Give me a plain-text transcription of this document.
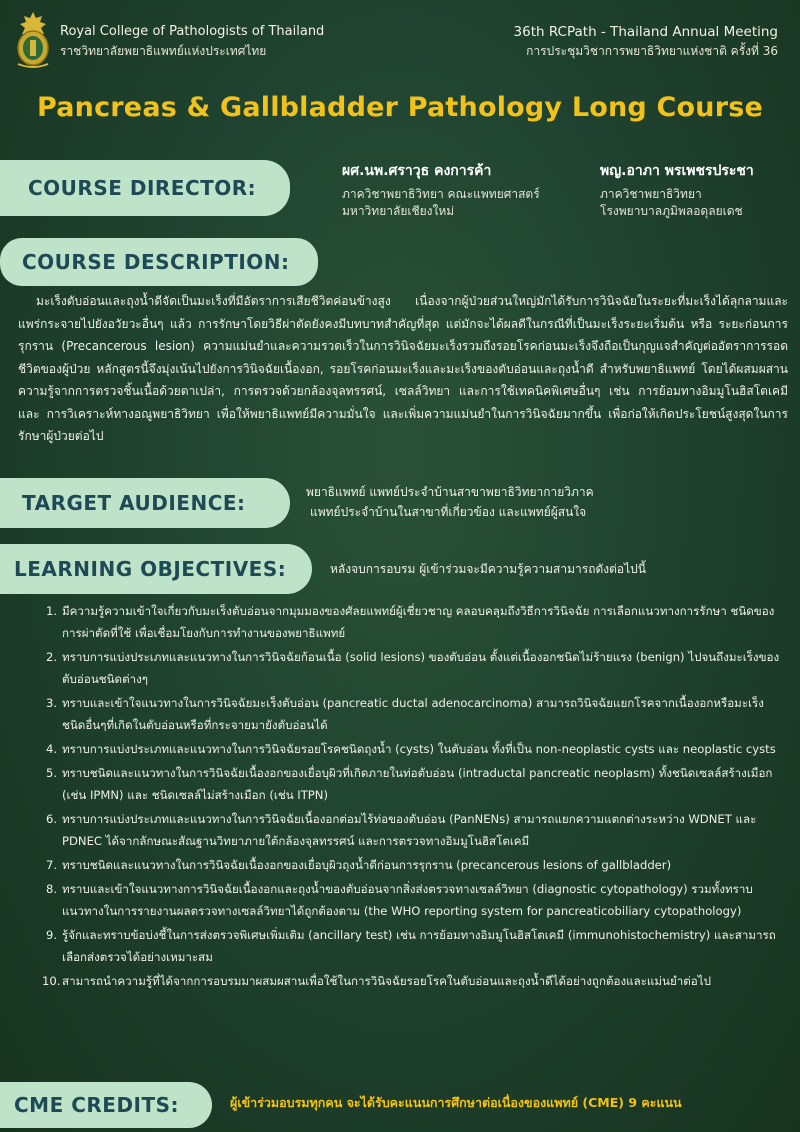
Royal College of Pathologists of Thailand
ราชวิทยาลัยพยาธิแพทย์แห่งประเทศไทย
36th RCPath - Thailand Annual Meeting
การประชุมวิชาการพยาธิวิทยาแห่งชาติ ครั้งที่ 36
Pancreas & Gallbladder Pathology Long Course
COURSE DIRECTOR:
ผศ.นพ.ศราวุธ คงการค้า
ภาควิชาพยาธิวิทยา คณะแพทยศาสตร์
มหาวิทยาลัยเชียงใหม่
พญ.อาภา พรเพชรประชา
ภาควิชาพยาธิวิทยา
โรงพยาบาลภูมิพลอดุลยเดช
COURSE DESCRIPTION:
มะเร็งตับอ่อนและถุงน้ำดีจัดเป็นมะเร็งที่มีอัตราการเสียชีวิตค่อนข้างสูง เนื่องจากผู้ป่วยส่วนใหญ่มักได้รับการวินิจฉัยในระยะที่มะเร็งได้ลุกลามและแพร่กระจายไปยังอวัยวะอื่นๆ แล้ว การรักษาโดยวิธีผ่าตัดยังคงมีบทบาทสำคัญที่สุด แต่มักจะได้ผลดีในกรณีที่เป็นมะเร็งระยะเริ่มต้น หรือ ระยะก่อนการรุกราน (Precancerous lesion) ความแม่นยำและความรวดเร็วในการวินิจฉัยมะเร็งรวมถึงรอยโรคก่อนมะเร็งจึงถือเป็นกุญแจสำคัญต่ออัตราการรอดชีวิตของผู้ป่วย หลักสูตรนี้จึงมุ่งเน้นไปยังการวินิจฉัยเนื้องอก, รอยโรคก่อนมะเร็งและมะเร็งของตับอ่อนและถุงน้ำดี สำหรับพยาธิแพทย์ โดยได้ผสมผสานความรู้จากการตรวจชิ้นเนื้อด้วยตาเปล่า, การตรวจด้วยกล้องจุลทรรศน์, เซลล์วิทยา และการใช้เทคนิคพิเศษอื่นๆ เช่น การย้อมทางอิมมูโนฮิสโตเคมี และ การวิเคราะห์ทางอณูพยาธิวิทยา เพื่อให้พยาธิแพทย์มีความมั่นใจ และเพิ่มความแม่นยำในการวินิจฉัยมากขึ้น เพื่อก่อให้เกิดประโยชน์สูงสุดในการรักษาผู้ป่วยต่อไป
TARGET AUDIENCE:	พยาธิแพทย์ แพทย์ประจำบ้านสาขาพยาธิวิทยากายวิภาค
แพทย์ประจำบ้านในสาขาที่เกี่ยวข้อง และแพทย์ผู้สนใจ
LEARNING OBJECTIVES:	หลังจบการอบรม ผู้เข้าร่วมจะมีความรู้ความสามารถดังต่อไปนี้
1. มีความรู้ความเข้าใจเกี่ยวกับมะเร็งตับอ่อนจากมุมมองของศัลยแพทย์ผู้เชี่ยวชาญ คลอบคลุมถึงวิธีการวินิจฉัย การเลือกแนวทางการรักษา ชนิดของการผ่าตัดที่ใช้ เพื่อเชื่อมโยงกับการทำงานของพยาธิแพทย์
2. ทราบการแบ่งประเภทและแนวทางในการวินิจฉัยก้อนเนื้อ (solid lesions) ของตับอ่อน ตั้งแต่เนื้องอกชนิดไม่ร้ายแรง (benign) ไปจนถึงมะเร็งของตับอ่อนชนิดต่างๆ
3. ทราบและเข้าใจแนวทางในการวินิจฉัยมะเร็งตับอ่อน (pancreatic ductal adenocarcinoma) สามารถวินิจฉัยแยกโรคจากเนื้องอกหรือมะเร็งชนิดอื่นๆที่เกิดในตับอ่อนหรือที่กระจายมายังตับอ่อนได้
4. ทราบการแบ่งประเภทและแนวทางในการวินิจฉัยรอยโรคชนิดถุงน้ำ (cysts) ในตับอ่อน ทั้งที่เป็น non-neoplastic cysts และ neoplastic cysts
5. ทราบชนิดและแนวทางในการวินิจฉัยเนื้องอกของเยื่อบุผิวที่เกิดภายในท่อตับอ่อน (intraductal pancreatic neoplasm) ทั้งชนิดเซลล์สร้างเมือก (เช่น IPMN) และ ชนิดเซลล์ไม่สร้างเมือก (เช่น ITPN)
6. ทราบการแบ่งประเภทและแนวทางในการวินิจฉัยเนื้องอกต่อมไร้ท่อของตับอ่อน (PanNENs) สามารถแยกความแตกต่างระหว่าง WDNET และ PDNEC ได้จากลักษณะสัณฐานวิทยาภายใต้กล้องจุลทรรศน์ และการตรวจทางอิมมูโนฮิสโตเคมี
7. ทราบชนิดและแนวทางในการวินิจฉัยเนื้องอกของเยื่อบุผิวถุงน้ำดีก่อนการรุกราน (precancerous lesions of gallbladder)
8. ทราบและเข้าใจแนวทางการวินิจฉัยเนื้องอกและถุงน้ำของตับอ่อนจากสิ่งส่งตรวจทางเซลล์วิทยา (diagnostic cytopathology) รวมทั้งทราบแนวทางในการรายงานผลตรวจทางเซลล์วิทยาได้ถูกต้องตาม (the WHO reporting system for pancreaticobiliary cytopathology)
9. รู้จักและทราบข้อบ่งชี้ในการส่งตรวจพิเศษเพิ่มเติม (ancillary test) เช่น การย้อมทางอิมมูโนฮิสโตเคมี (immunohistochemistry) และสามารถเลือกส่งตรวจได้อย่างเหมาะสม
10. สามารถนำความรู้ที่ได้จากการอบรมมาผสมผสานเพื่อใช้ในการวินิจฉัยรอยโรคในตับอ่อนและถุงน้ำดีได้อย่างถูกต้องและแม่นยำต่อไป
CME CREDITS:	ผู้เข้าร่วมอบรมทุกคน จะได้รับคะแนนการศึกษาต่อเนื่องของแพทย์ (CME) 9 คะแนน
